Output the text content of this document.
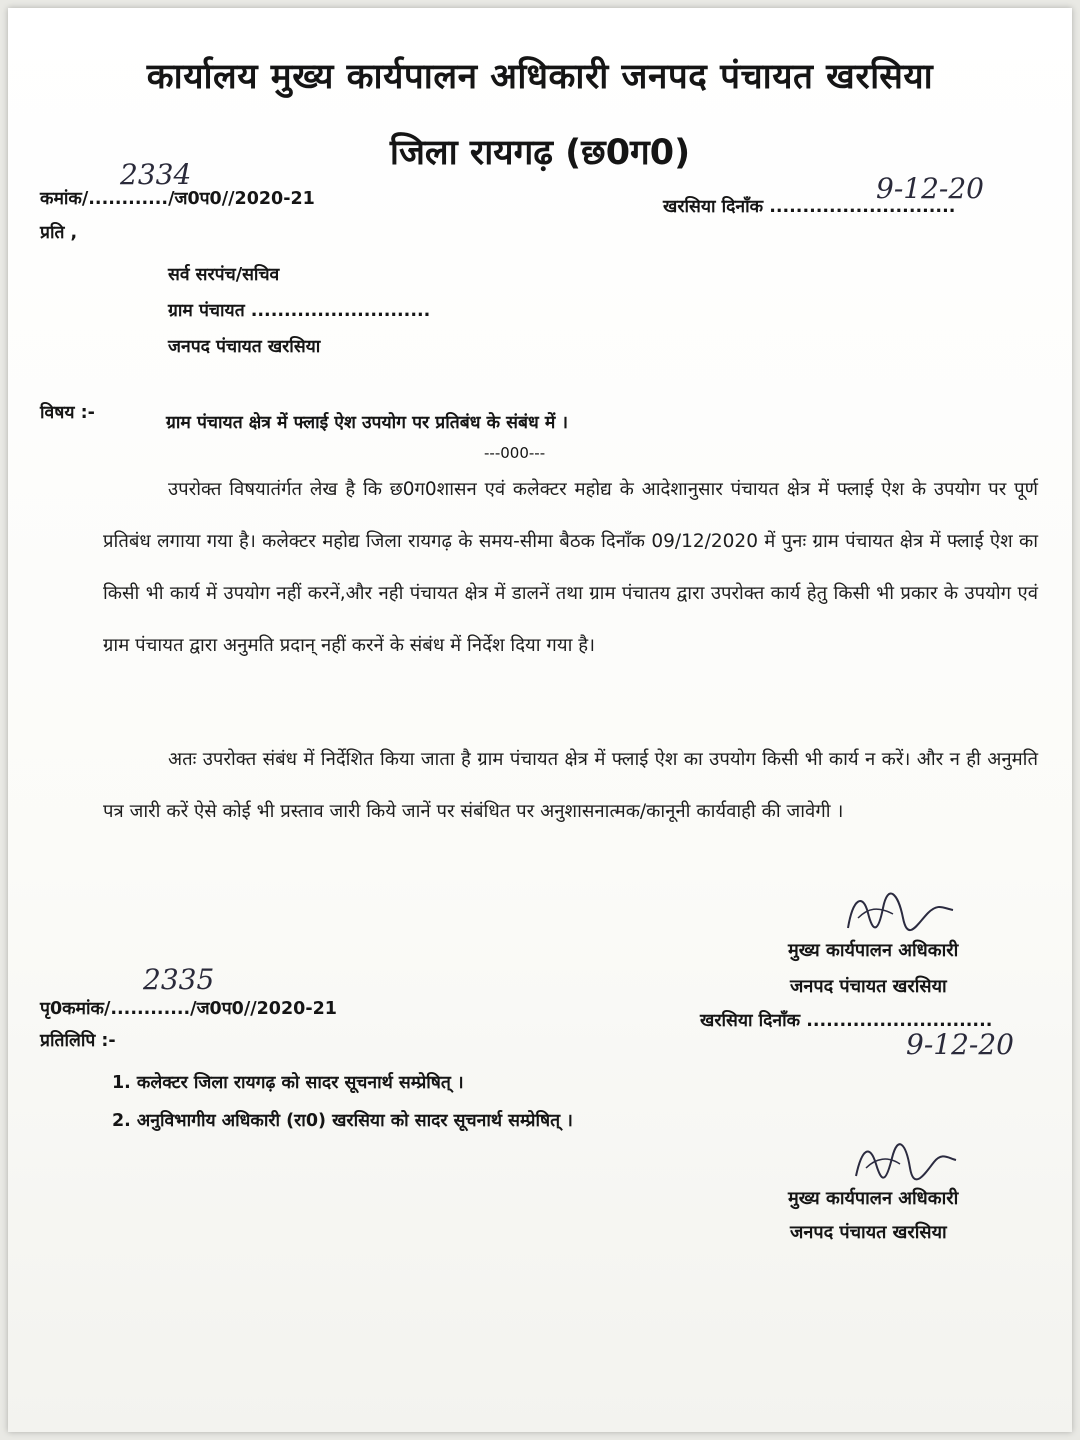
कार्यालय मुख्य कार्यपालन अधिकारी जनपद पंचायत खरसिया
जिला रायगढ़ (छ0ग0)
कमांक/............/ज0प0//2020-21
2334
खरसिया दिनाँक ............................
9-12-20
प्रति ,
सर्व सरपंच/सचिव
ग्राम पंचायत ...........................
जनपद पंचायत खरसिया
विषय :-	ग्राम पंचायत क्षेत्र में फ्लाई ऐश उपयोग पर प्रतिबंध के संबंध में ।
---000---
उपरोक्त विषयातंर्गत लेख है कि छ0ग0शासन एवं कलेक्टर महोद्य के आदेशानुसार पंचायत क्षेत्र में फ्लाई ऐश के उपयोग पर पूर्ण प्रतिबंध लगाया गया है। कलेक्टर महोद्य जिला रायगढ़ के समय-सीमा बैठक दिनाँक 09/12/2020 में पुनः ग्राम पंचायत क्षेत्र में फ्लाई ऐश का किसी भी कार्य में उपयोग नहीं करनें,और नही पंचायत क्षेत्र में डालनें तथा ग्राम पंचातय द्वारा उपरोक्त कार्य हेतु किसी भी प्रकार के उपयोग एवं ग्राम पंचायत द्वारा अनुमति प्रदान् नहीं करनें के संबंध में निर्देश दिया गया है।
अतः उपरोक्त संबंध में निर्देशित किया जाता है ग्राम पंचायत क्षेत्र में फ्लाई ऐश का उपयोग किसी भी कार्य न करें। और न ही अनुमति पत्र जारी करें ऐसे कोई भी प्रस्ताव जारी किये जानें पर संबंधित पर अनुशासनात्मक/कानूनी कार्यवाही की जावेगी ।
मुख्य कार्यपालन अधिकारी
जनपद पंचायत खरसिया
पृ0कमांक/............/ज0प0//2020-21
2335
खरसिया दिनाँक ............................
9-12-20
प्रतिलिपि :-
1. कलेक्टर जिला रायगढ़ को सादर सूचनार्थ सम्प्रेषित् ।
2. अनुविभागीय अधिकारी (रा0) खरसिया को सादर सूचनार्थ सम्प्रेषित् ।
मुख्य कार्यपालन अधिकारी
जनपद पंचायत खरसिया
